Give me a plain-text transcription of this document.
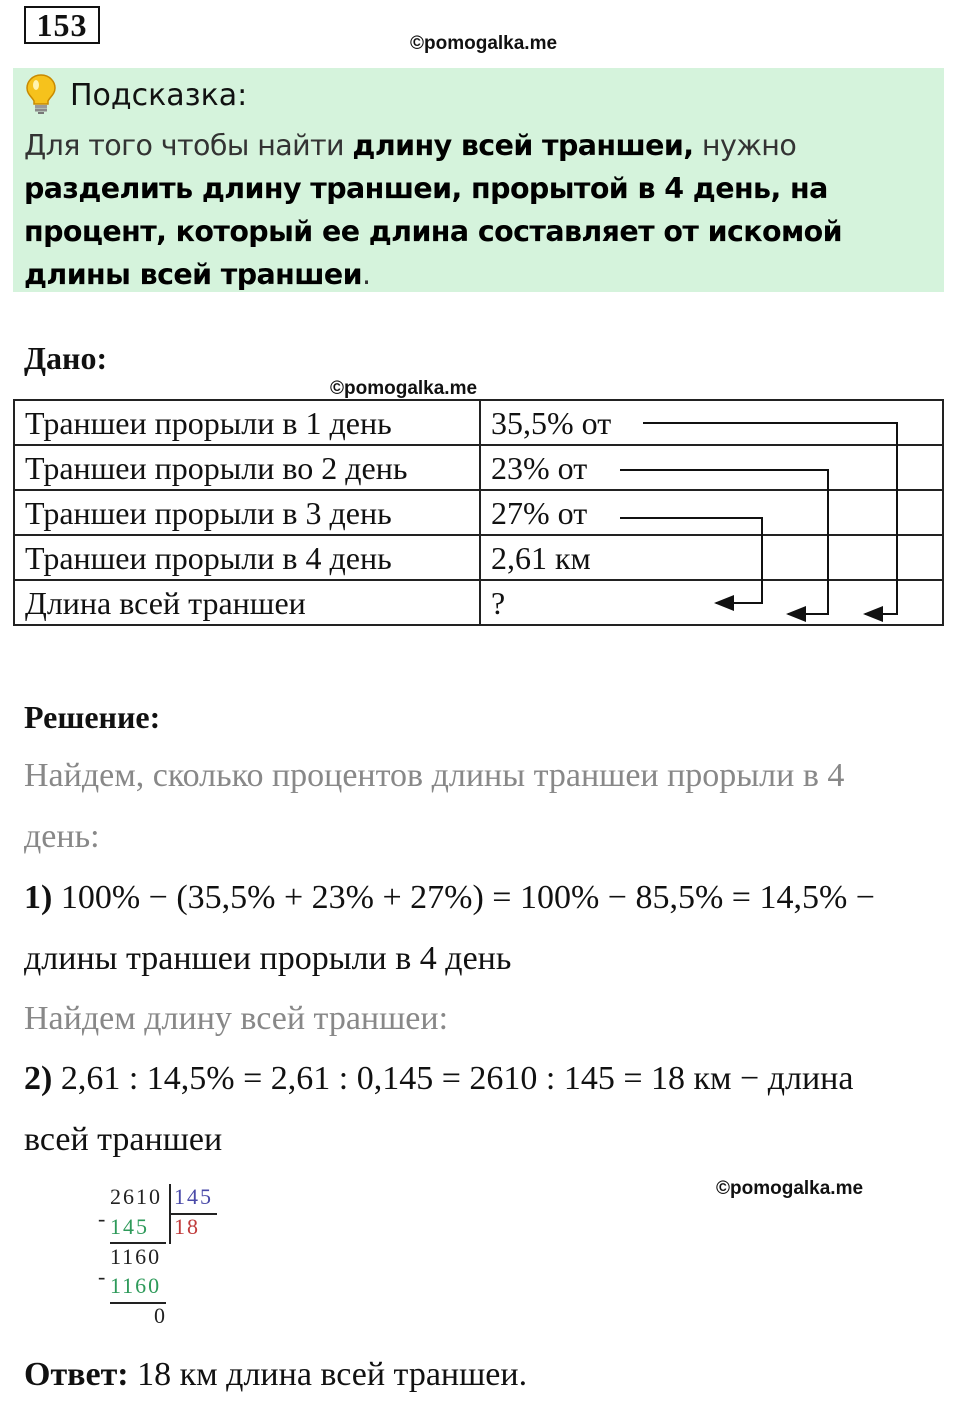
153
©pomogalka.me
Подсказка:
Для того чтобы найти длину всей траншеи, нужно разделить длину траншеи, прорытой в 4 день, на процент, который ее длина составляет от искомой длины всей траншеи.
Дано:
©pomogalka.me
Траншеи прорыли в 1 день	35,5% от
Траншеи прорыли во 2 день	23% от
Траншеи прорыли в 3 день	27% от
Траншеи прорыли в 4 день	2,61 км
Длина всей траншеи	?
Решение:
Найдем, сколько процентов длины траншеи прорыли в 4
день:
1) 100% − (35,5% + 23% + 27%) = 100% − 85,5% = 14,5% −
длины траншеи прорыли в 4 день
Найдем длину всей траншеи:
2) 2,61 : 14,5% = 2,61 : 0,145 = 2610 : 145 = 18 км − длина
всей траншеи
©pomogalka.me
2610 145
18
- 145
1160
- 1160
0
Ответ: 18 км длина всей траншеи.
